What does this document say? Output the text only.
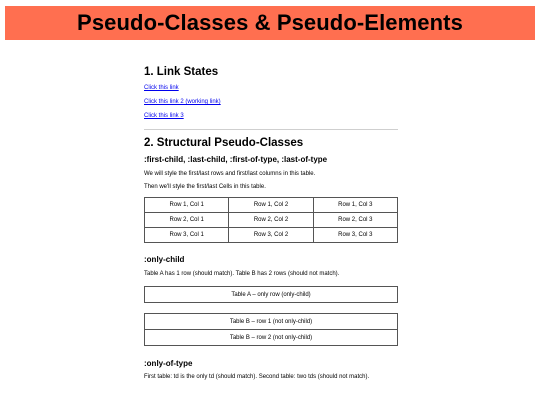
Pseudo-Classes & Pseudo-Elements
1. Link States
Click this link
Click this link 2 (working link)
Click this link 3
2. Structural Pseudo-Classes
:first-child, :last-child, :first-of-type, :last-of-type

We will style the first/last rows and first/last columns in this table.

Then we'll style the first/last Cells in this table.

Row 1, Col 1	Row 1, Col 2	Row 1, Col 3
Row 2, Col 1	Row 2, Col 2	Row 2, Col 3
Row 3, Col 1	Row 3, Col 2	Row 3, Col 3
:only-child

Table A has 1 row (should match). Table B has 2 rows (should not match).

Table A – only row (only-child)
Table B – row 1 (not only-child)
Table B – row 2 (not only-child)
:only-of-type

First table: td is the only td (should match). Second table: two tds (should not match).
